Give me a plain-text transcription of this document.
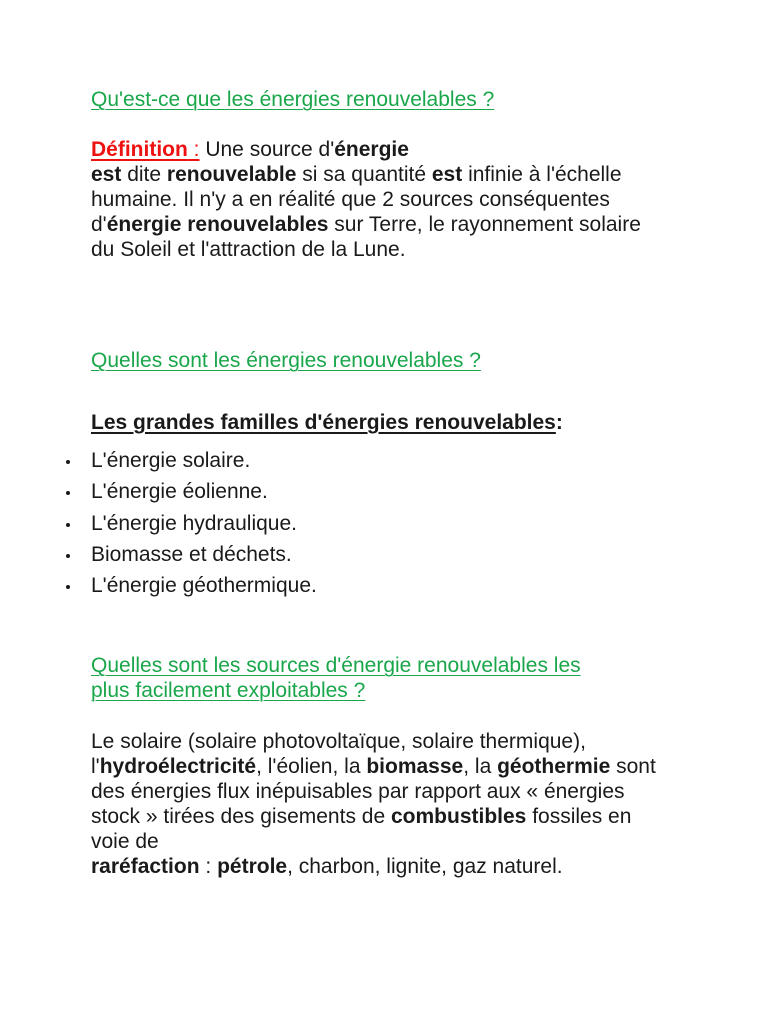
Qu'est-ce que les énergies renouvelables ?
Définition : Une source d'énergie
est dite renouvelable si sa quantité est infinie à l'échelle humaine. Il n'y a en réalité que 2 sources conséquentes d'énergie renouvelables sur Terre, le rayonnement solaire du Soleil et l'attraction de la Lune.
Quelles sont les énergies renouvelables ?
Les grandes familles d'énergies renouvelables:
L'énergie solaire.
L'énergie éolienne.
L'énergie hydraulique.
Biomasse et déchets.
L'énergie géothermique.
Quelles sont les sources d'énergie renouvelables les
plus facilement exploitables ?
Le solaire (solaire photovoltaïque, solaire thermique), l'hydroélectricité, l'éolien, la biomasse, la géothermie sont des énergies flux inépuisables par rapport aux « énergies stock » tirées des gisements de combustibles fossiles en voie de
raréfaction : pétrole, charbon, lignite, gaz naturel.
